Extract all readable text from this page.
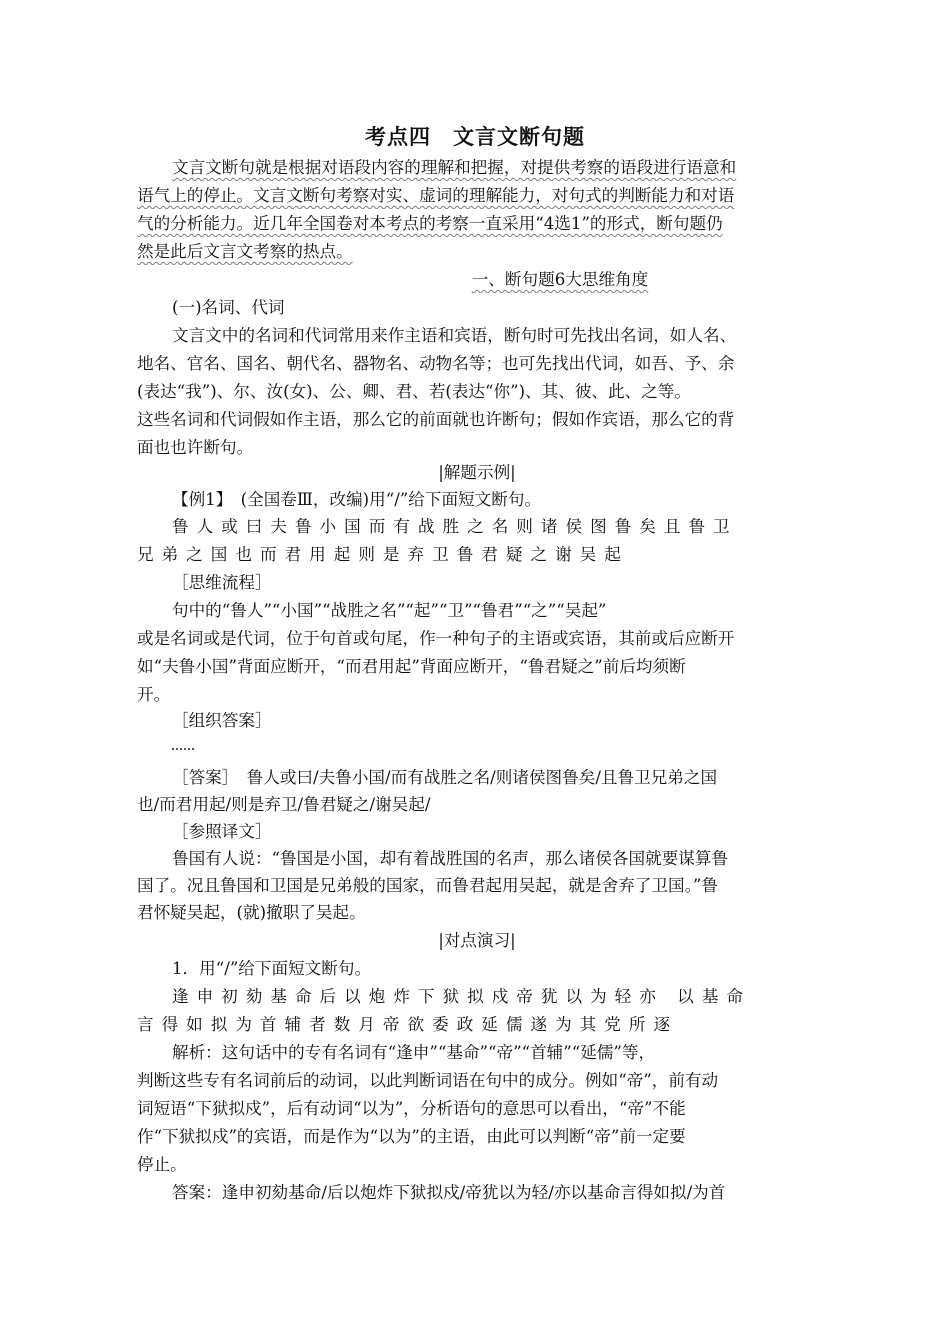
考点四　文言文断句题
文言文断句就是根据对语段内容的理解和把握，对提供考察的语段进行语意和
语气上的停止。文言文断句考察对实、虚词的理解能力，对句式的判断能力和对语
气的分析能力。近几年全国卷对本考点的考察一直采用“4选1”的形式，断句题仍
然是此后文言文考察的热点。
一、断句题6大思维角度
(一)名词、代词
文言文中的名词和代词常用来作主语和宾语，断句时可先找出名词，如人名、
地名、官名、国名、朝代名、器物名、动物名等；也可先找出代词，如吾、予、余
(表达“我”)、尔、汝(女)、公、卿、君、若(表达“你”)、其、彼、此、之等。
这些名词和代词假如作主语，那么它的前面就也许断句；假如作宾语，那么它的背
面也也许断句。
|解题示例|
【例1】　(全国卷Ⅲ，改编)用“/”给下面短文断句。
鲁人或曰夫鲁小国而有战胜之名则诸侯图鲁矣且鲁卫
兄弟之国也而君用起则是弃卫鲁君疑之谢吴起
［思维流程］
句中的“鲁人”“小国”“战胜之名”“起”“卫”“鲁君”“之”“吴起”
或是名词或是代词，位于句首或句尾，作一种句子的主语或宾语，其前或后应断开
如“夫鲁小国”背面应断开，“而君用起”背面应断开，“鲁君疑之”前后均须断
开。
［组织答案］
［答案］　鲁人或曰/夫鲁小国/而有战胜之名/则诸侯图鲁矣/且鲁卫兄弟之国
也/而君用起/则是弃卫/鲁君疑之/谢吴起/
［参照译文］
鲁国有人说：“鲁国是小国，却有着战胜国的名声，那么诸侯各国就要谋算鲁
国了。况且鲁国和卫国是兄弟般的国家，而鲁君起用吴起，就是舍弃了卫国。”鲁
君怀疑吴起，(就)撤职了吴起。
|对点演习|
1．用“/”给下面短文断句。
逢申初劾基命后以炮炸下狱拟戍帝犹以为轻亦 以基命
言得如拟为首辅者数月帝欲委政延儒遂为其党所逐
解析：这句话中的专有名词有“逢申”“基命”“帝”“首辅”“延儒”等，
判断这些专有名词前后的动词，以此判断词语在句中的成分。例如“帝”，前有动
词短语“下狱拟戍”，后有动词“以为”，分析语句的意思可以看出，“帝”不能
作“下狱拟戍”的宾语，而是作为“以为”的主语，由此可以判断“帝”前一定要
停止。
答案：逢申初劾基命/后以炮炸下狱拟戍/帝犹以为轻/亦以基命言得如拟/为首
